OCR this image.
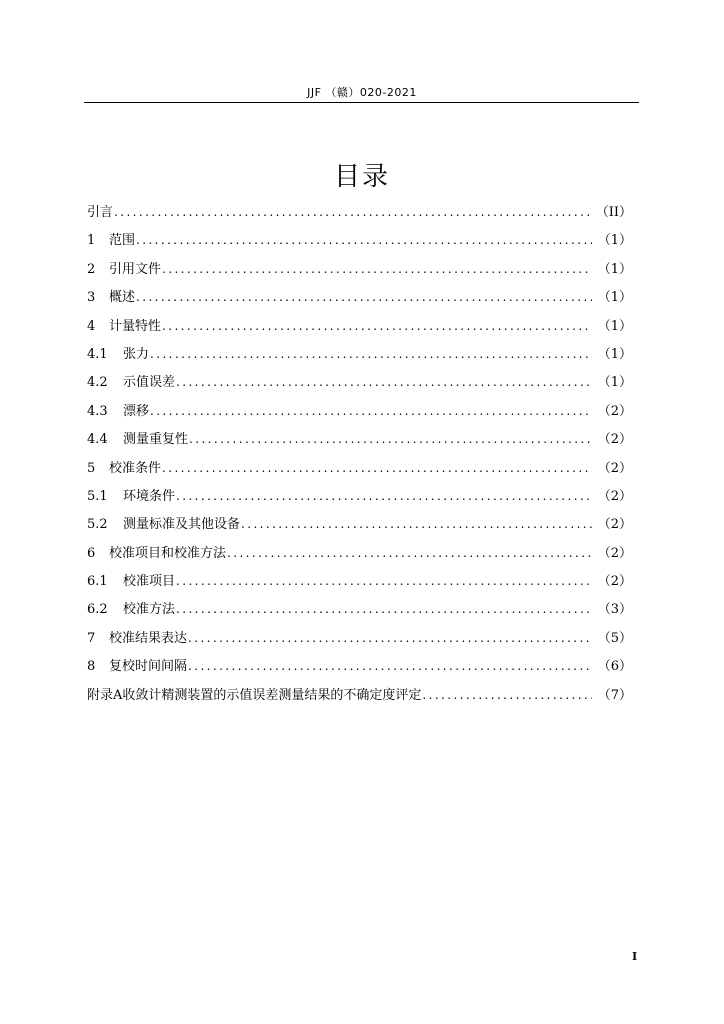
JJF （赣）020-2021
目录
引言 .....	（II）
1	范围 .....	（1）
2	引用文件 .....	（1）
3	概述 .....	（1）
4	计量特性 .....	（1）
4.1	张力 .....	（1）
4.2	示值误差 .....	（1）
4.3	漂移 .....	（2）
4.4	测量重复性 .....	（2）
5	校准条件 .....	（2）
5.1	环境条件 .....	（2）
5.2	测量标准及其他设备 .....	（2）
6	校准项目和校准方法 .....	（2）
6.1	校准项目 .....	（2）
6.2	校准方法 .....	（3）
7	校准结果表达 .....	（5）
8	复校时间间隔 .....	（6）
附录A收敛计精测装置的示值误差测量结果的不确定度评定 .....	（7）
I
